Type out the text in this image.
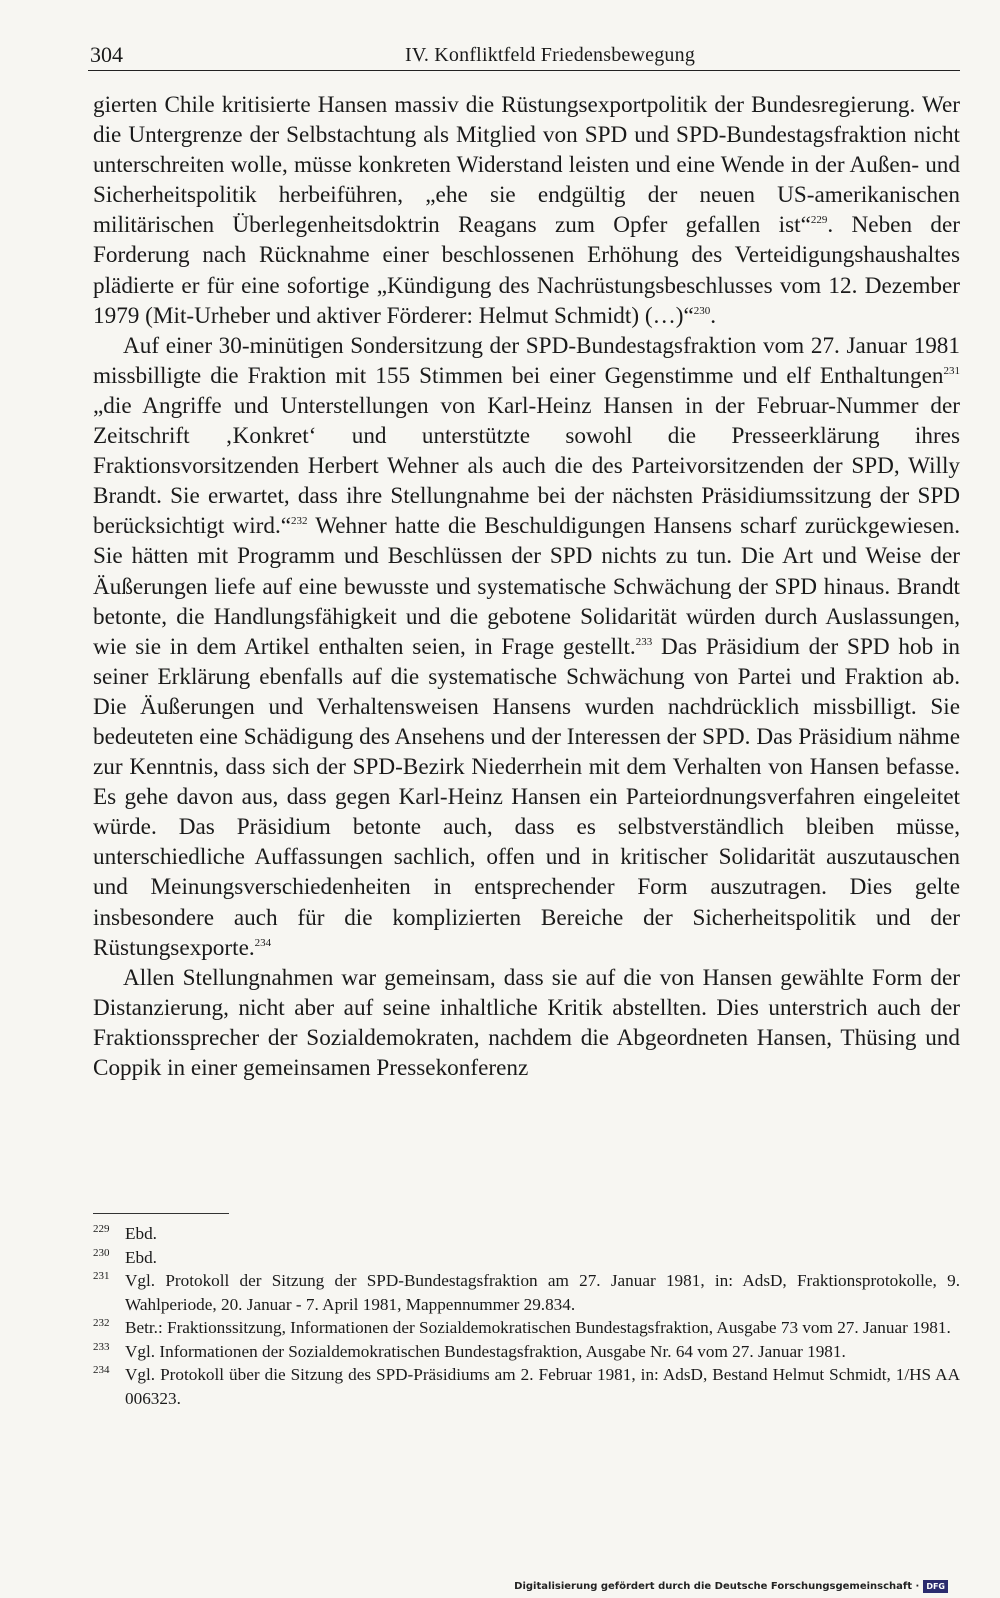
304	IV. Konfliktfeld Friedensbewegung

gierten Chile kritisierte Hansen massiv die Rüstungsexportpolitik der Bundesregierung. Wer die Untergrenze der Selbstachtung als Mitglied von SPD und SPD-Bundestagsfraktion nicht unterschreiten wolle, müsse konkreten Widerstand leisten und eine Wende in der Außen- und Sicherheitspolitik herbeiführen, „ehe sie endgültig der neuen US-amerikanischen militärischen Überlegenheitsdoktrin Reagans zum Opfer gefallen ist“$^{229}$. Neben der Forderung nach Rücknahme einer beschlossenen Erhöhung des Verteidigungshaushaltes plädierte er für eine sofortige „Kündigung des Nachrüstungsbeschlusses vom 12. Dezember 1979 (Mit-Urheber und aktiver Förderer: Helmut Schmidt) (…)“$^{230}$.

Auf einer 30-minütigen Sondersitzung der SPD-Bundestagsfraktion vom 27. Januar 1981 missbilligte die Fraktion mit 155 Stimmen bei einer Gegenstimme und elf Enthaltungen$^{231}$ „die Angriffe und Unterstellungen von Karl-Heinz Hansen in der Februar-Nummer der Zeitschrift ‚Konkret‘ und unterstützte sowohl die Presseerklärung ihres Fraktionsvorsitzenden Herbert Wehner als auch die des Parteivorsitzenden der SPD, Willy Brandt. Sie erwartet, dass ihre Stellungnahme bei der nächsten Präsidiumssitzung der SPD berücksichtigt wird.“$^{232}$ Wehner hatte die Beschuldigungen Hansens scharf zurückgewiesen. Sie hätten mit Programm und Beschlüssen der SPD nichts zu tun. Die Art und Weise der Äußerungen liefe auf eine bewusste und systematische Schwächung der SPD hinaus. Brandt betonte, die Handlungsfähigkeit und die gebotene Solidarität würden durch Auslassungen, wie sie in dem Artikel enthalten seien, in Frage gestellt.$^{233}$ Das Präsidium der SPD hob in seiner Erklärung ebenfalls auf die systematische Schwächung von Partei und Fraktion ab. Die Äußerungen und Verhaltensweisen Hansens wurden nachdrücklich missbilligt. Sie bedeuteten eine Schädigung des Ansehens und der Interessen der SPD. Das Präsidium nähme zur Kenntnis, dass sich der SPD-Bezirk Niederrhein mit dem Verhalten von Hansen befasse. Es gehe davon aus, dass gegen Karl-Heinz Hansen ein Parteiordnungsverfahren eingeleitet würde. Das Präsidium betonte auch, dass es selbstverständlich bleiben müsse, unterschiedliche Auffassungen sachlich, offen und in kritischer Solidarität auszutauschen und Meinungsverschiedenheiten in entsprechender Form auszutragen. Dies gelte insbesondere auch für die komplizierten Bereiche der Sicherheitspolitik und der Rüstungsexporte.$^{234}$

Allen Stellungnahmen war gemeinsam, dass sie auf die von Hansen gewählte Form der Distanzierung, nicht aber auf seine inhaltliche Kritik abstellten. Dies unterstrich auch der Fraktionssprecher der Sozialdemokraten, nachdem die Abgeordneten Hansen, Thüsing und Coppik in einer gemeinsamen Pressekonferenz

$^{229}$ Ebd.
$^{230}$ Ebd.
$^{231}$ Vgl. Protokoll der Sitzung der SPD-Bundestagsfraktion am 27. Januar 1981, in: AdsD, Fraktionsprotokolle, 9. Wahlperiode, 20. Januar - 7. April 1981, Mappennummer 29.834.
$^{232}$ Betr.: Fraktionssitzung, Informationen der Sozialdemokratischen Bundestagsfraktion, Ausgabe 73 vom 27. Januar 1981.
$^{233}$ Vgl. Informationen der Sozialdemokratischen Bundestagsfraktion, Ausgabe Nr. 64 vom 27. Januar 1981.
$^{234}$ Vgl. Protokoll über die Sitzung des SPD-Präsidiums am 2. Februar 1981, in: AdsD, Bestand Helmut Schmidt, 1/HS AA 006323.
Digitalisierung gefördert durch die Deutsche Forschungsgemeinschaft · DFG
